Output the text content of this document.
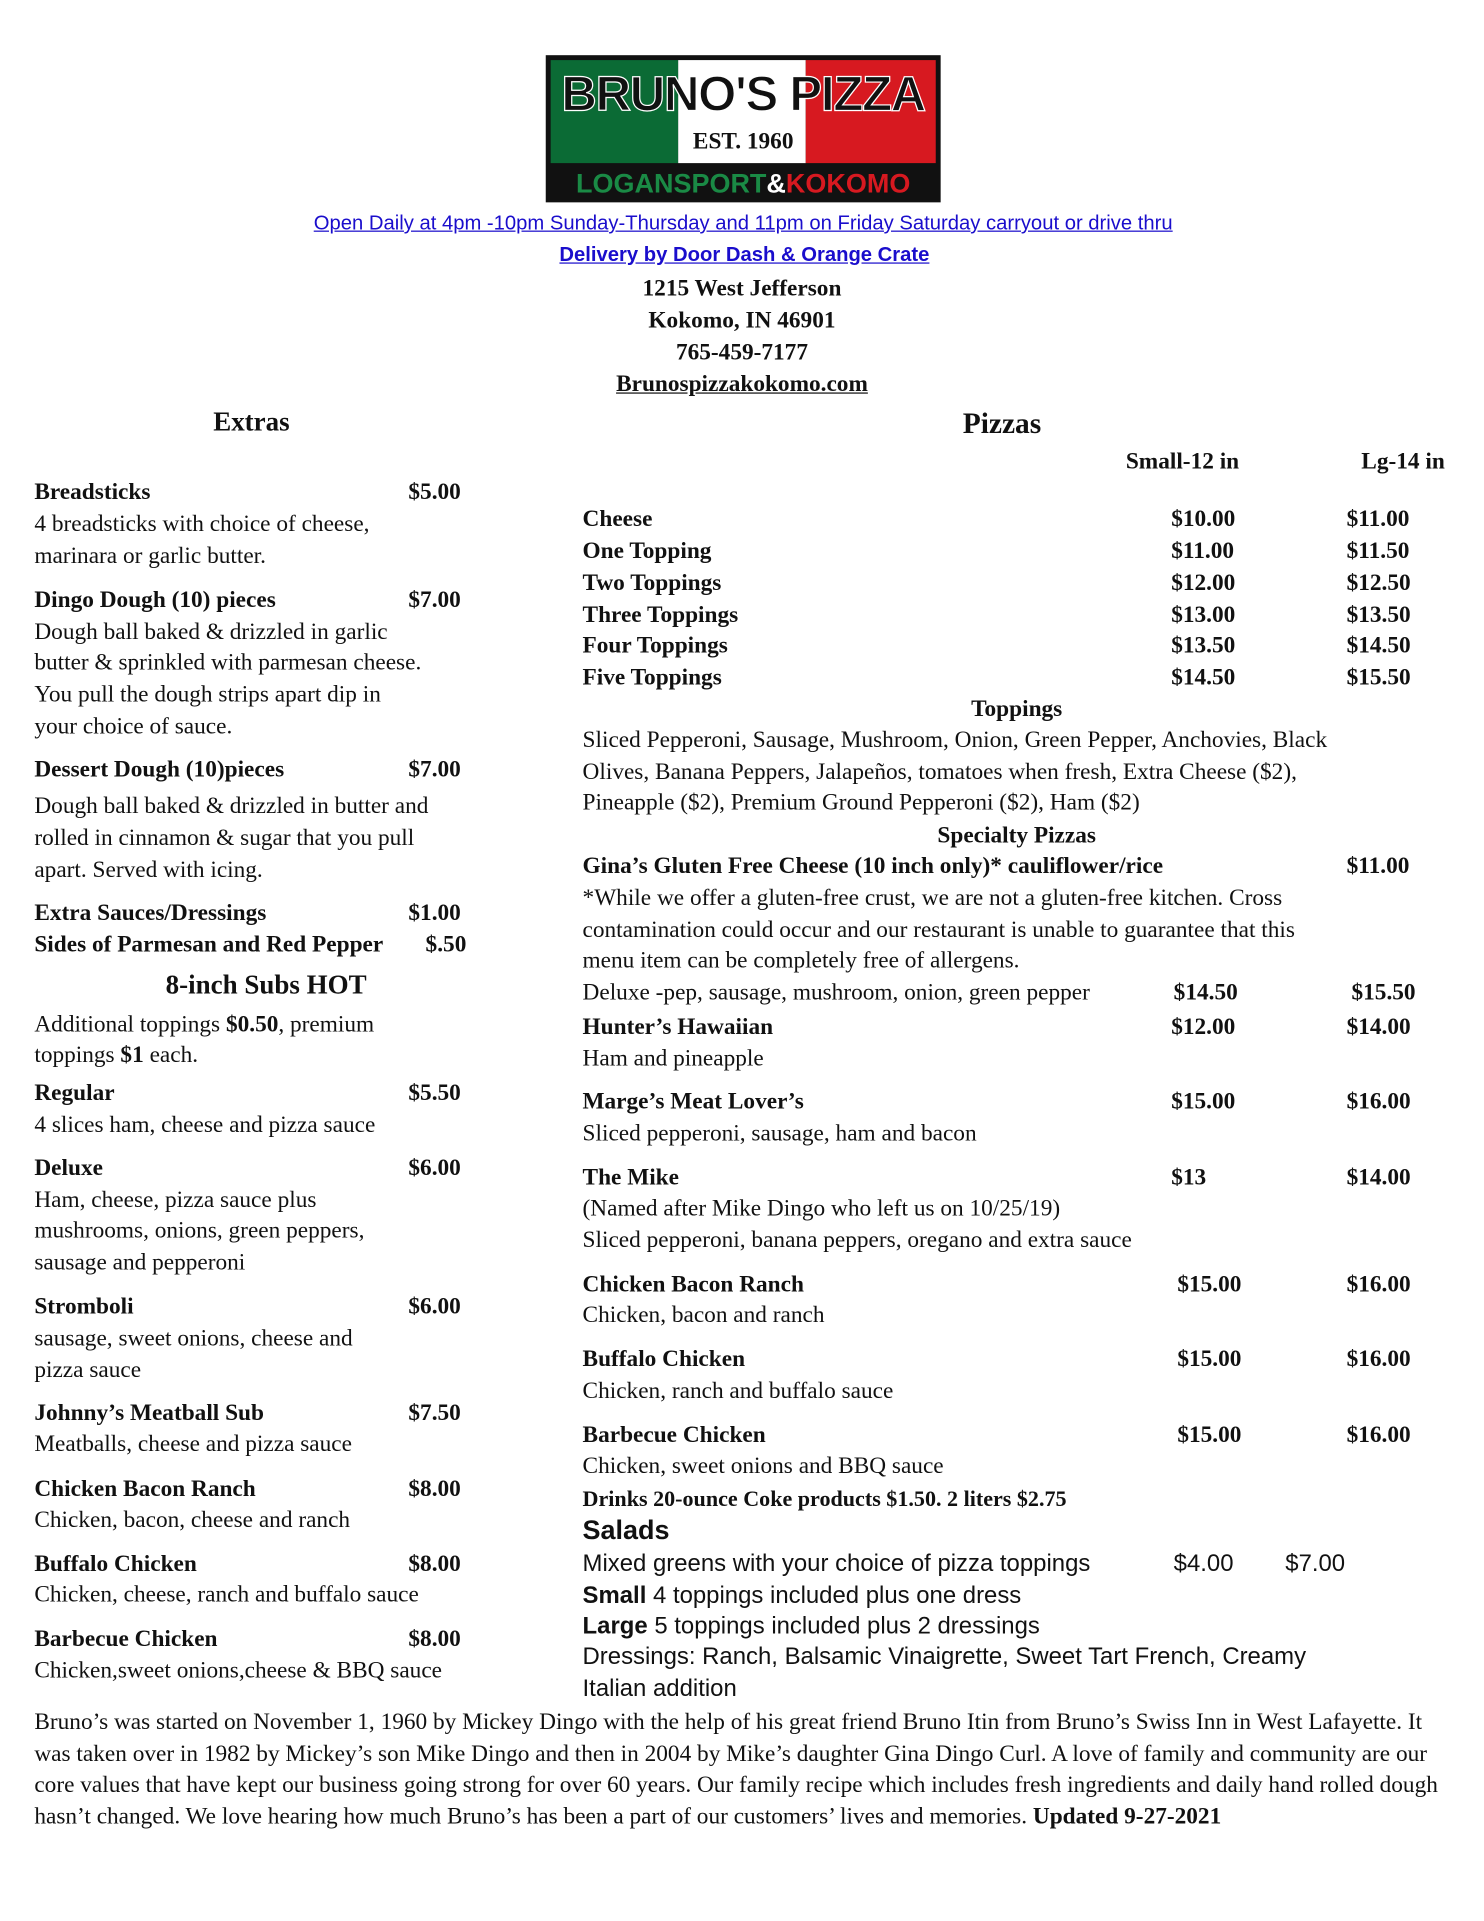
BRUNO'S PIZZA
EST. 1960
LOGANSPORT&KOKOMO
Open Daily at 4pm -10pm Sunday-Thursday and 11pm on Friday Saturday carryout or drive thru
Delivery by Door Dash & Orange Crate
1215 West Jefferson
Kokomo, IN 46901
765-459-7177
Brunospizzakokomo.com
Extras
Breadsticks	$5.00
4 breadsticks with choice of cheese,
marinara or garlic butter.
Dingo Dough (10) pieces	$7.00
Dough ball baked & drizzled in garlic
butter & sprinkled with parmesan cheese.
You pull the dough strips apart dip in
your choice of sauce.
Dessert Dough (10)pieces	$7.00
Dough ball baked & drizzled in butter and
rolled in cinnamon & sugar that you pull
apart. Served with icing.
Extra Sauces/Dressings	$1.00
Sides of Parmesan and Red Pepper $.50
Regular	$5.50
4 slices ham, cheese and pizza sauce
Deluxe	$6.00
Ham, cheese, pizza sauce plus
mushrooms, onions, green peppers,
sausage and pepperoni
Stromboli	$6.00
sausage, sweet onions, cheese and
pizza sauce
Johnny’s Meatball Sub	$7.50
Meatballs, cheese and pizza sauce
Chicken Bacon Ranch	$8.00
Chicken, bacon, cheese and ranch
Buffalo Chicken	$8.00
Chicken, cheese, ranch and buffalo sauce
Barbecue Chicken	$8.00
Chicken,sweet onions,cheese & BBQ sauce
8-inch Subs HOT
Additional toppings $0.50, premium
toppings $1 each.
Pizzas
Small-12 in	Lg-14 in
Cheese	$10.00	$11.00
One Topping	$11.00	$11.50
Two Toppings	$12.00	$12.50
Three Toppings	$13.00	$13.50
Four Toppings	$13.50	$14.50
Five Toppings	$14.50	$15.50
Toppings
Sliced Pepperoni, Sausage, Mushroom, Onion, Green Pepper, Anchovies, Black
Olives, Banana Peppers, Jalapeños, tomatoes when fresh, Extra Cheese ($2),
Pineapple ($2), Premium Ground Pepperoni ($2), Ham ($2)
Specialty Pizzas
Gina’s Gluten Free Cheese (10 inch only)* cauliflower/rice	$11.00
*While we offer a gluten-free crust, we are not a gluten-free kitchen. Cross
contamination could occur and our restaurant is unable to guarantee that this
menu item can be completely free of allergens.
Deluxe -pep, sausage, mushroom, onion, green pepper	$14.50	$15.50
Hunter’s Hawaiian	$12.00	$14.00
Ham and pineapple
Marge’s Meat Lover’s	$15.00	$16.00
Sliced pepperoni, sausage, ham and bacon
The Mike	$13	$14.00
(Named after Mike Dingo who left us on 10/25/19)
Sliced pepperoni, banana peppers, oregano and extra sauce
Chicken Bacon Ranch	$15.00	$16.00
Chicken, bacon and ranch
Buffalo Chicken	$15.00	$16.00
Chicken, ranch and buffalo sauce
Barbecue Chicken	$15.00	$16.00
Chicken, sweet onions and BBQ sauce
Drinks 20-ounce Coke products $1.50. 2 liters $2.75
Salads
Mixed greens with your choice of pizza toppings	$4.00	$7.00
Small 4 toppings included plus one dress
Large 5 toppings included plus 2 dressings
Dressings: Ranch, Balsamic Vinaigrette, Sweet Tart French, Creamy
Italian addition
Bruno’s was started on November 1, 1960 by Mickey Dingo with the help of his great friend Bruno Itin from Bruno’s Swiss Inn in West Lafayette. It was taken over in 1982 by Mickey’s son Mike Dingo and then in 2004 by Mike’s daughter Gina Dingo Curl. A love of family and community are our core values that have kept our business going strong for over 60 years. Our family recipe which includes fresh ingredients and daily hand rolled dough hasn’t changed. We love hearing how much Bruno’s has been a part of our customers’ lives and memories. Updated 9-27-2021
